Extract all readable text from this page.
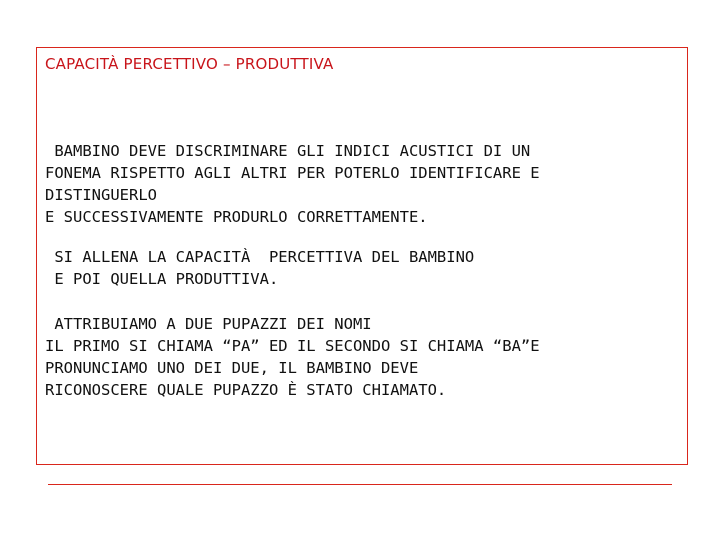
CAPACITÀ PERCETTIVO – PRODUTTIVA

BAMBINO DEVE DISCRIMINARE GLI INDICI ACUSTICI DI UN
FONEMA RISPETTO AGLI ALTRI PER POTERLO IDENTIFICARE E
DISTINGUERLO
E SUCCESSIVAMENTE PRODURLO CORRETTAMENTE.

SI ALLENA LA CAPACITÀ  PERCETTIVA DEL BAMBINO
E POI QUELLA PRODUTTIVA.

ATTRIBUIAMO A DUE PUPAZZI DEI NOMI
IL PRIMO SI CHIAMA “PA” ED IL SECONDO SI CHIAMA “BA”E
PRONUNCIAMO UNO DEI DUE, IL BAMBINO DEVE
RICONOSCERE QUALE PUPAZZO È STATO CHIAMATO.
